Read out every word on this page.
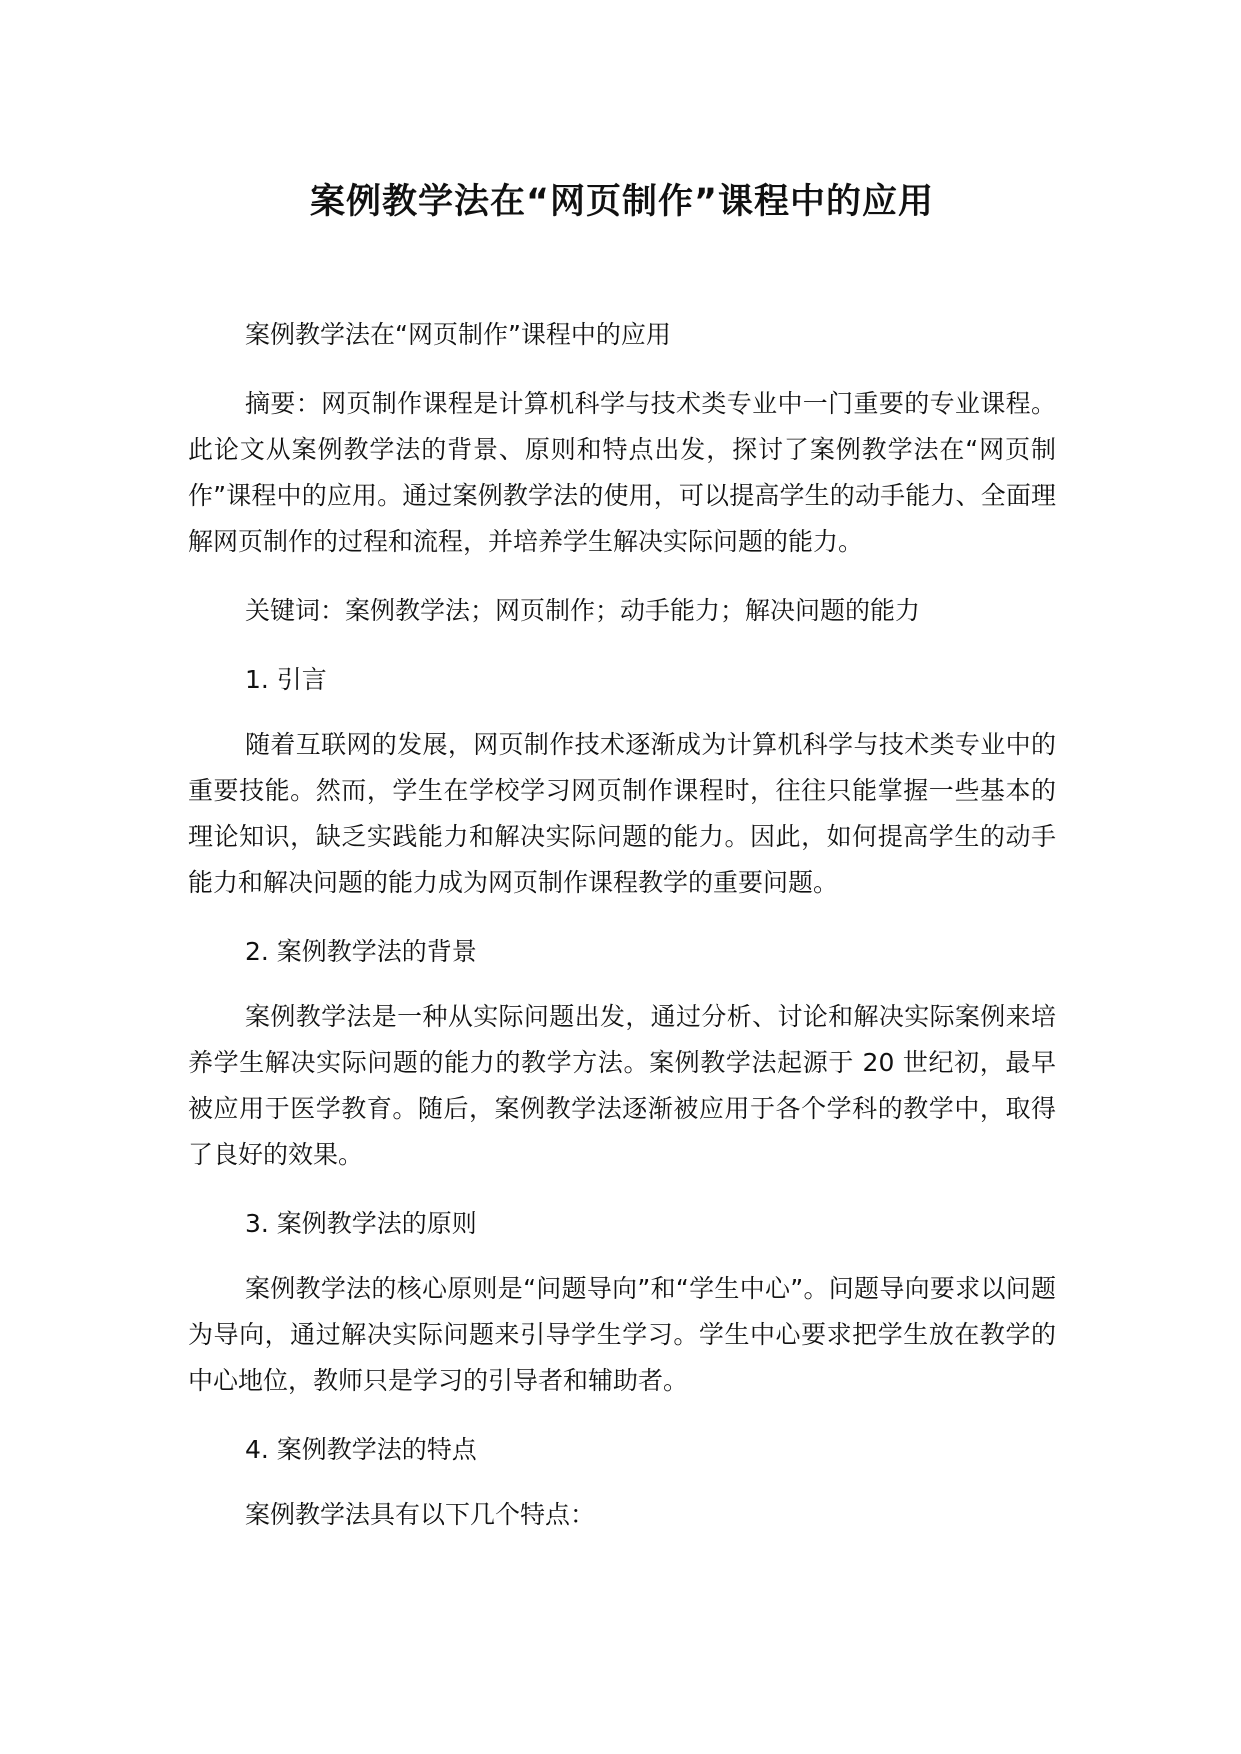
案例教学法在“网页制作”课程中的应用

案例教学法在“网页制作”课程中的应用

摘要：网页制作课程是计算机科学与技术类专业中一门重要的专业课程。此论文从案例教学法的背景、原则和特点出发，探讨了案例教学法在“网页制作”课程中的应用。通过案例教学法的使用，可以提高学生的动手能力、全面理解网页制作的过程和流程，并培养学生解决实际问题的能力。

关键词：案例教学法；网页制作；动手能力；解决问题的能力

1. 引言

随着互联网的发展，网页制作技术逐渐成为计算机科学与技术类专业中的重要技能。然而，学生在学校学习网页制作课程时，往往只能掌握一些基本的理论知识，缺乏实践能力和解决实际问题的能力。因此，如何提高学生的动手能力和解决问题的能力成为网页制作课程教学的重要问题。

2. 案例教学法的背景

案例教学法是一种从实际问题出发，通过分析、讨论和解决实际案例来培养学生解决实际问题的能力的教学方法。案例教学法起源于 20 世纪初，最早被应用于医学教育。随后，案例教学法逐渐被应用于各个学科的教学中，取得了良好的效果。

3. 案例教学法的原则

案例教学法的核心原则是“问题导向”和“学生中心”。问题导向要求以问题为导向，通过解决实际问题来引导学生学习。学生中心要求把学生放在教学的中心地位，教师只是学习的引导者和辅助者。

4. 案例教学法的特点

案例教学法具有以下几个特点：
